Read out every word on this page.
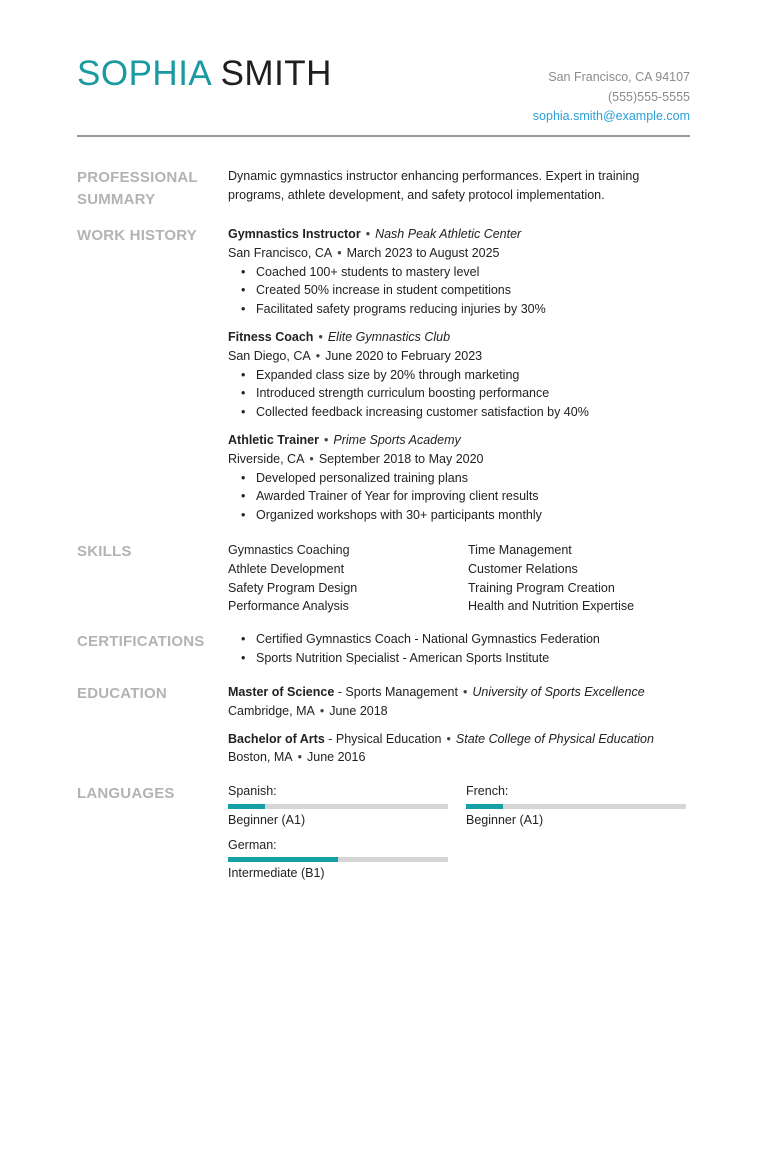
SOPHIA SMITH	San Francisco, CA 94107
(555)555-5555
sophia.smith@example.com
PROFESSIONAL SUMMARY
Dynamic gymnastics instructor enhancing performances. Expert in training programs, athlete development, and safety protocol implementation.
WORK HISTORY	Gymnastics Instructor • Nash Peak Athletic Center
San Francisco, CA • March 2023 to August 2025
• Coached 100+ students to mastery level
• Created 50% increase in student competitions
• Facilitated safety programs reducing injuries by 30%
Fitness Coach • Elite Gymnastics Club
San Diego, CA • June 2020 to February 2023
• Expanded class size by 20% through marketing
• Introduced strength curriculum boosting performance
• Collected feedback increasing customer satisfaction by 40%
Athletic Trainer • Prime Sports Academy
Riverside, CA • September 2018 to May 2020
• Developed personalized training plans
• Awarded Trainer of Year for improving client results
• Organized workshops with 30+ participants monthly
SKILLS	Gymnastics Coaching	Time Management
Athlete Development	Customer Relations
Safety Program Design	Training Program Creation
Performance Analysis	Health and Nutrition Expertise
CERTIFICATIONS
•	Certified Gymnastics Coach - National Gymnastics Federation
• Sports Nutrition Specialist - American Sports Institute
EDUCATION	Master of Science - Sports Management • University of Sports Excellence
Cambridge, MA • June 2018
Bachelor of Arts - Physical Education • State College of Physical Education
Boston, MA • June 2016
LANGUAGES	Spanish:
Beginner (A1)
French:
Beginner (A1)
German:
Intermediate (B1)
